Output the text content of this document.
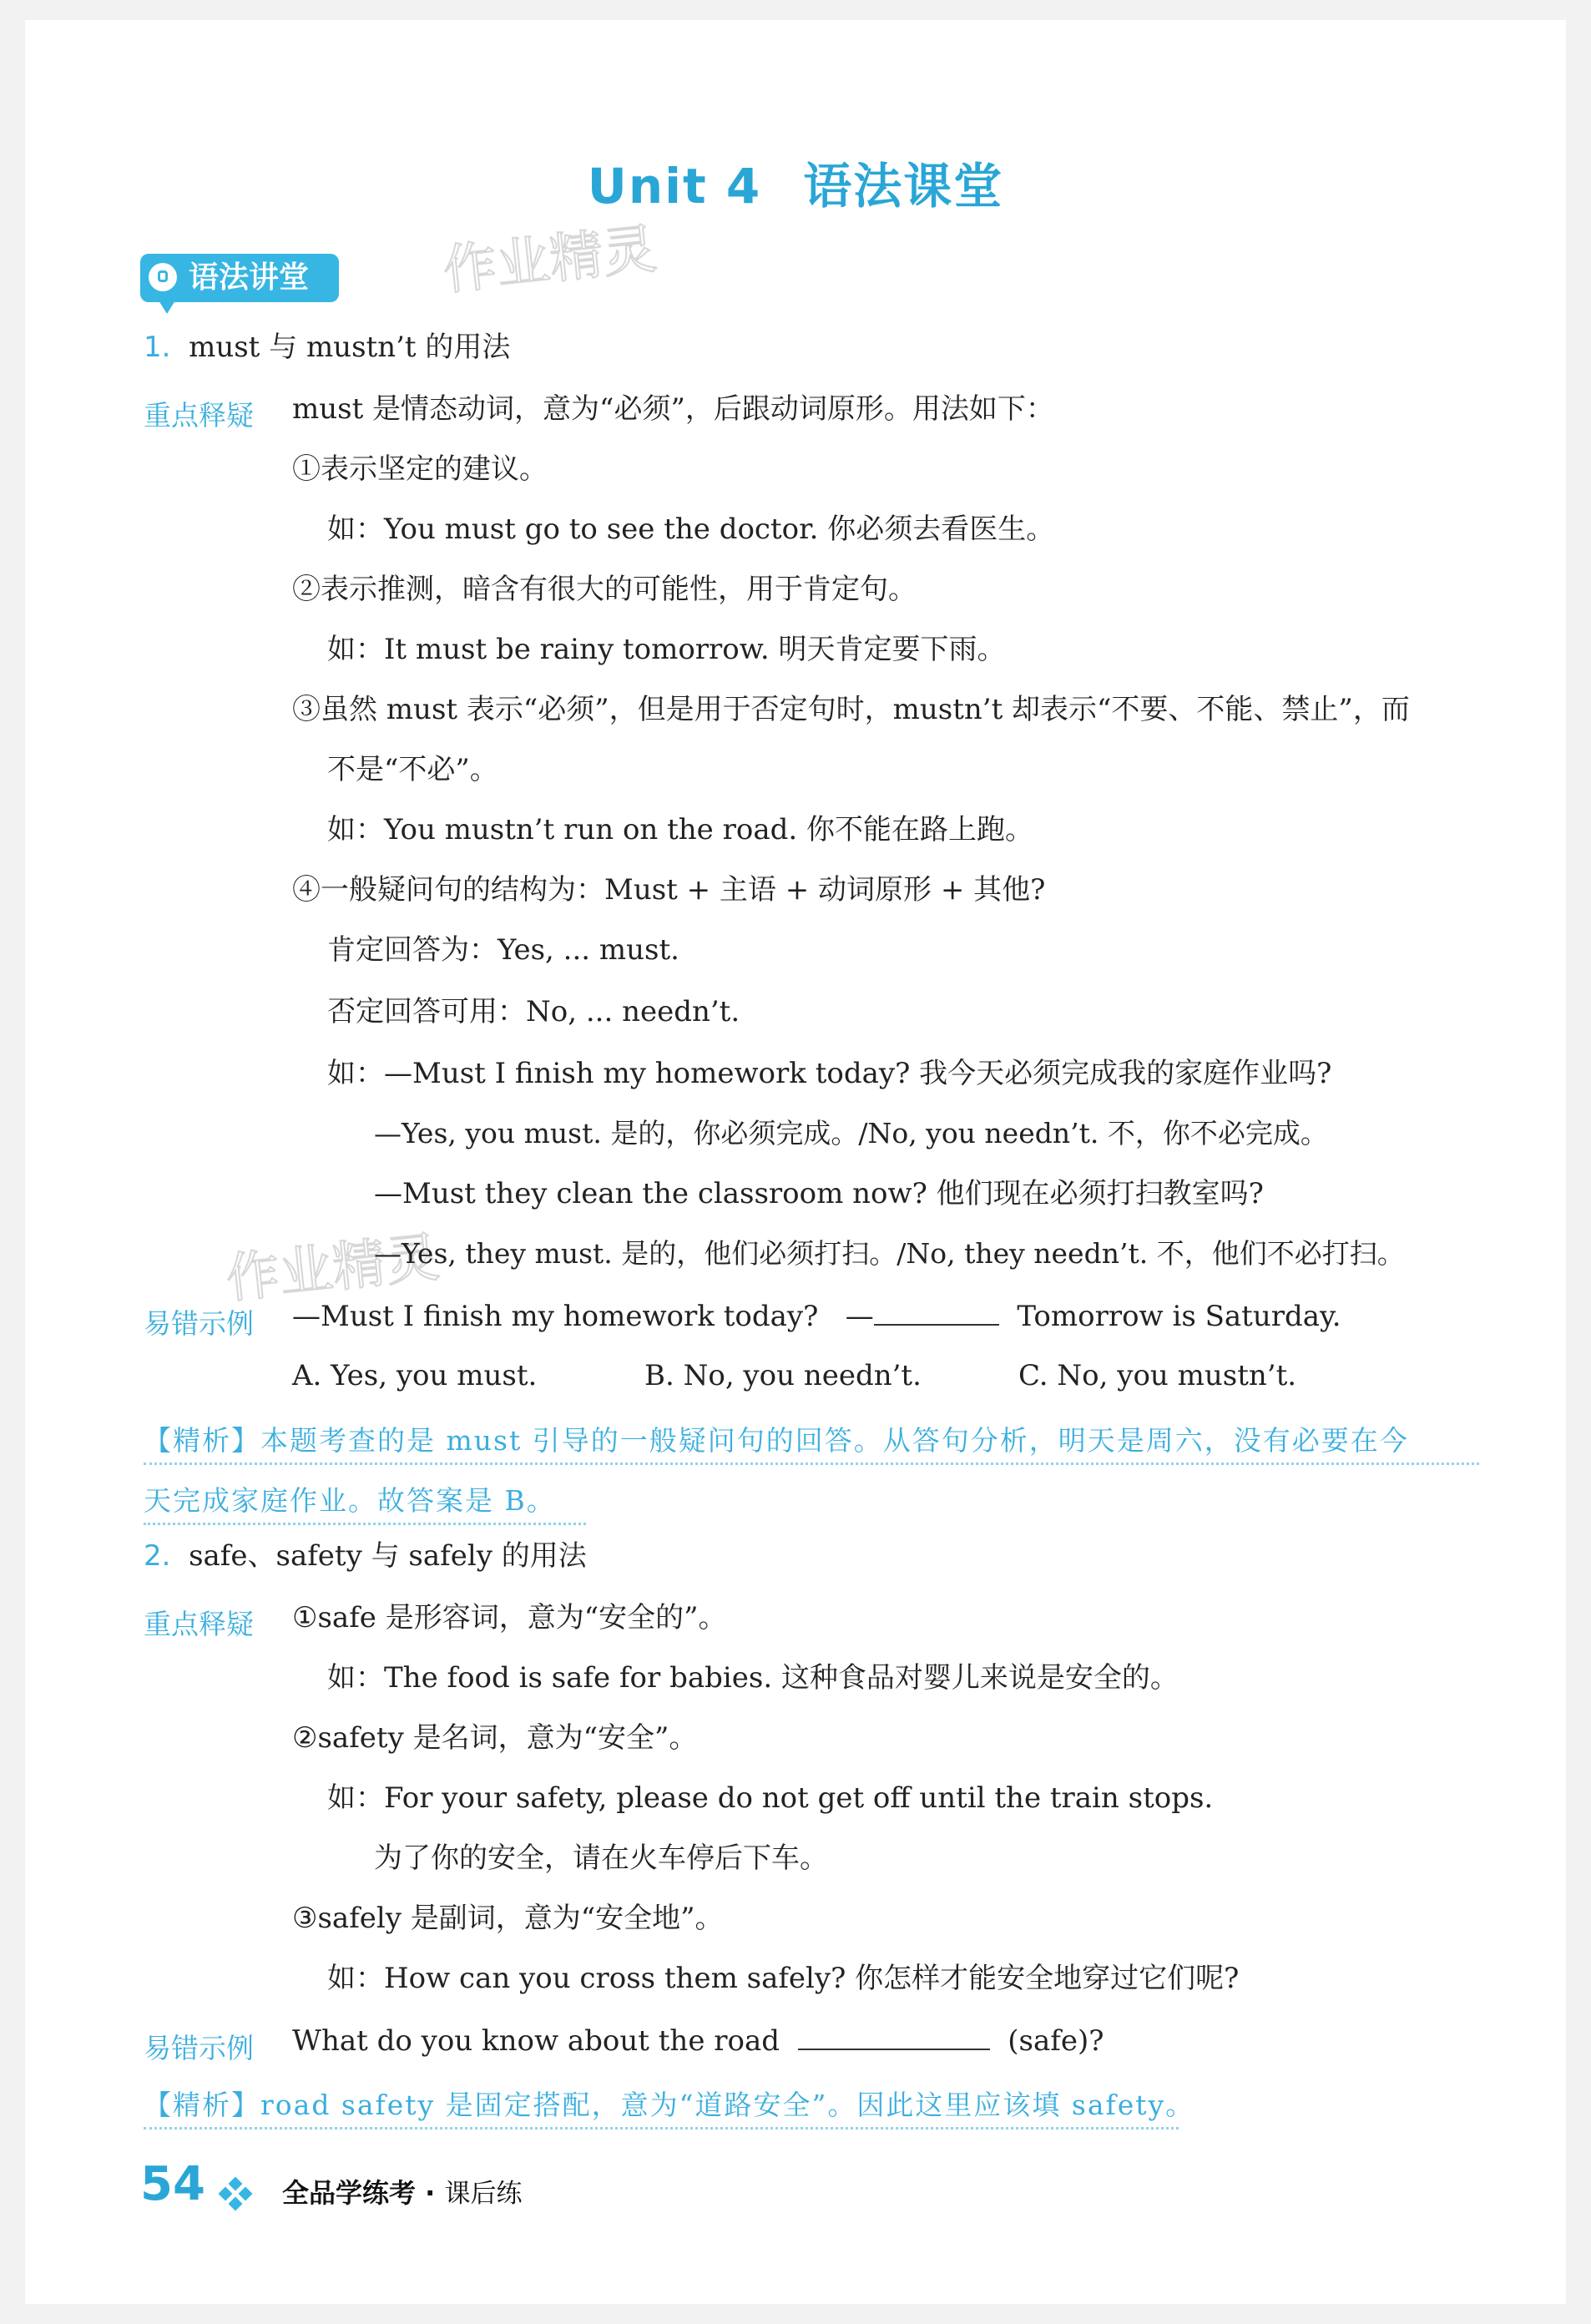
Unit 4 语法课堂
语法讲堂 作业精灵
作业精灵
1. must 与 mustn’t 的用法
重点释疑 must 是情态动词，意为“必须”，后跟动词原形。用法如下：
①表示坚定的建议。
如：You must go to see the doctor. 你必须去看医生。
②表示推测，暗含有很大的可能性，用于肯定句。
如：It must be rainy tomorrow. 明天肯定要下雨。
③虽然 must 表示“必须”，但是用于否定句时，mustn’t 却表示“不要、不能、禁止”，而
不是“不必”。
如：You mustn’t run on the road. 你不能在路上跑。
④一般疑问句的结构为：Must + 主语 + 动词原形 + 其他?
肯定回答为：Yes, ... must.
否定回答可用：No, ... needn’t.
如：—Must I finish my homework today? 我今天必须完成我的家庭作业吗?
—Yes, you must. 是的，你必须完成。/No, you needn’t. 不，你不必完成。
—Must they clean the classroom now? 他们现在必须打扫教室吗?
—Yes, they must. 是的，他们必须打扫。/No, they needn’t. 不，他们不必打扫。
易错示例 —Must I finish my homework today? —	Tomorrow is Saturday.
A. Yes, you must.	B. No, you needn’t.	C. No, you mustn’t.
【精析】本题考查的是 must 引导的一般疑问句的回答。从答句分析，明天是周六，没有必要在今
天完成家庭作业。故答案是 B。
2. safe、safety 与 safely 的用法
重点释疑 ①safe 是形容词，意为“安全的”。
如：The food is safe for babies. 这种食品对婴儿来说是安全的。
②safety 是名词，意为“安全”。
如：For your safety, please do not get off until the train stops.
为了你的安全，请在火车停后下车。
③safely 是副词，意为“安全地”。
如：How can you cross them safely? 你怎样才能安全地穿过它们呢?
易错示例 What do you know about the road	(safe)?
【精析】road safety 是固定搭配，意为“道路安全”。因此这里应该填 safety。
54	全品学练考 · 课后练
